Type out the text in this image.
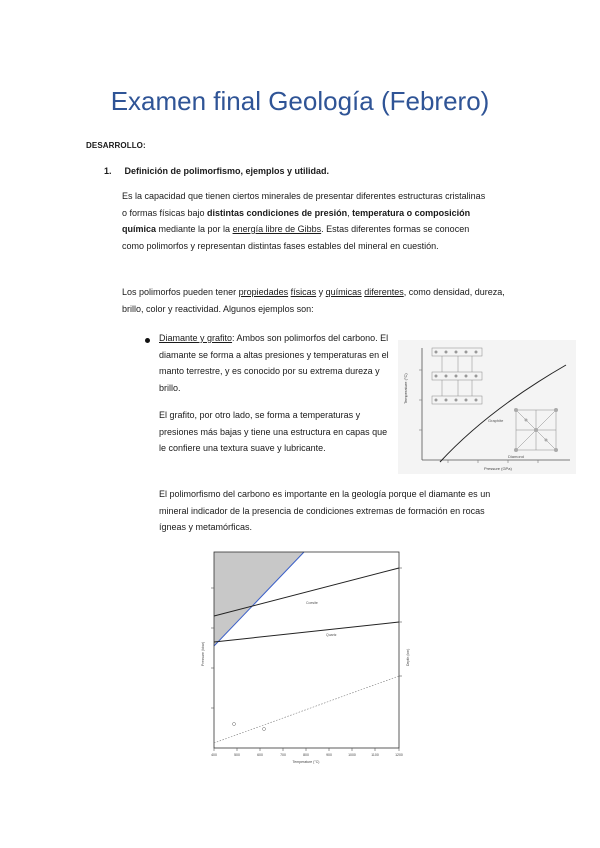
Examen final Geología (Febrero)
DESARROLLO:
1. Definición de polimorfismo, ejemplos y utilidad.
Es la capacidad que tienen ciertos minerales de presentar diferentes estructuras cristalinas o formas físicas bajo distintas condiciones de presión, temperatura o composición química mediante la por la energía libre de Gibbs. Estas diferentes formas se conocen como polimorfos y representan distintas fases estables del mineral en cuestión.
Los polimorfos pueden tener propiedades físicas y químicas diferentes, como densidad, dureza, brillo, color y reactividad. Algunos ejemplos son:
Diamante y grafito: Ambos son polimorfos del carbono. El diamante se forma a altas presiones y temperaturas en el manto terrestre, y es conocido por su extrema dureza y brillo.
El grafito, por otro lado, se forma a temperaturas y presiones más bajas y tiene una estructura en capas que le confiere una textura suave y lubricante.
El polimorfismo del carbono es importante en la geología porque el diamante es un mineral indicador de la presencia de condiciones extremas de formación en rocas ígneas y metamórficas.
Temperature (°C)
Pressure (GPa)
Graphite
Diamond
400	500	600	700	800	900	1000	1100	1200
Temperature (°C)
Pressure (kbar)	Depth (km)
Coesite
Quartz
